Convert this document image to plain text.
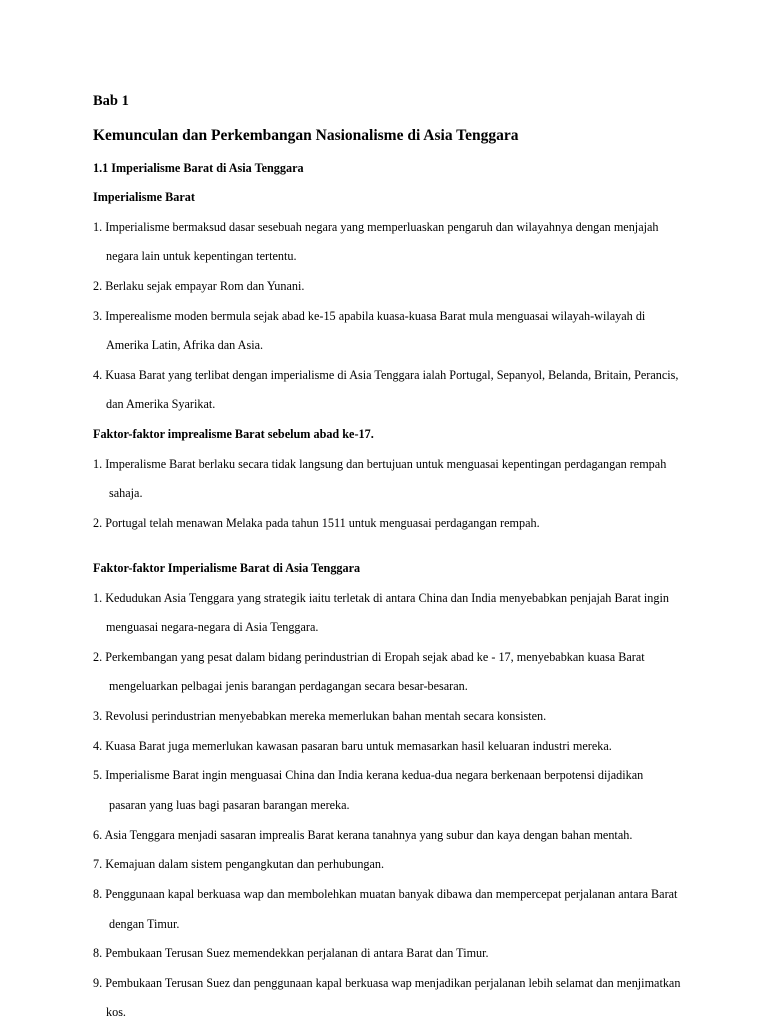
Bab 1
Kemunculan dan Perkembangan Nasionalisme di Asia Tenggara
1.1 Imperialisme Barat di Asia Tenggara
Imperialisme Barat

1. Imperialisme bermaksud dasar sesebuah negara yang memperluaskan pengaruh dan wilayahnya dengan menjajah

negara lain untuk kepentingan tertentu.

2. Berlaku sejak empayar Rom dan Yunani.

3. Imperealisme moden bermula sejak abad ke-15 apabila kuasa-kuasa Barat mula menguasai wilayah-wilayah di

Amerika Latin, Afrika dan Asia.

4. Kuasa Barat yang terlibat dengan imperialisme di Asia Tenggara ialah Portugal, Sepanyol, Belanda, Britain, Perancis,

dan Amerika Syarikat.

Faktor-faktor imprealisme Barat sebelum abad ke-17.

1. Imperalisme Barat berlaku secara tidak langsung dan bertujuan untuk menguasai kepentingan perdagangan rempah

sahaja.

2. Portugal telah menawan Melaka pada tahun 1511 untuk menguasai perdagangan rempah.

Faktor-faktor Imperialisme Barat di Asia Tenggara

1. Kedudukan Asia Tenggara yang strategik iaitu terletak di antara China dan India menyebabkan penjajah Barat ingin

menguasai negara-negara di Asia Tenggara.

2. Perkembangan yang pesat dalam bidang perindustrian di Eropah sejak abad ke - 17, menyebabkan kuasa Barat

mengeluarkan pelbagai jenis barangan perdagangan secara besar-besaran.

3. Revolusi perindustrian menyebabkan mereka memerlukan bahan mentah secara konsisten.

4. Kuasa Barat juga memerlukan kawasan pasaran baru untuk memasarkan hasil keluaran industri mereka.

5. Imperialisme Barat ingin menguasai China dan India kerana kedua-dua negara berkenaan berpotensi dijadikan

pasaran yang luas bagi pasaran barangan mereka.

6. Asia Tenggara menjadi sasaran imprealis Barat kerana tanahnya yang subur dan kaya dengan bahan mentah.

7. Kemajuan dalam sistem pengangkutan dan perhubungan.

8. Penggunaan kapal berkuasa wap dan membolehkan muatan banyak dibawa dan mempercepat perjalanan antara Barat

dengan Timur.

8. Pembukaan Terusan Suez memendekkan perjalanan di antara Barat dan Timur.

9. Pembukaan Terusan Suez dan penggunaan kapal berkuasa wap menjadikan perjalanan lebih selamat dan menjimatkan

kos.
